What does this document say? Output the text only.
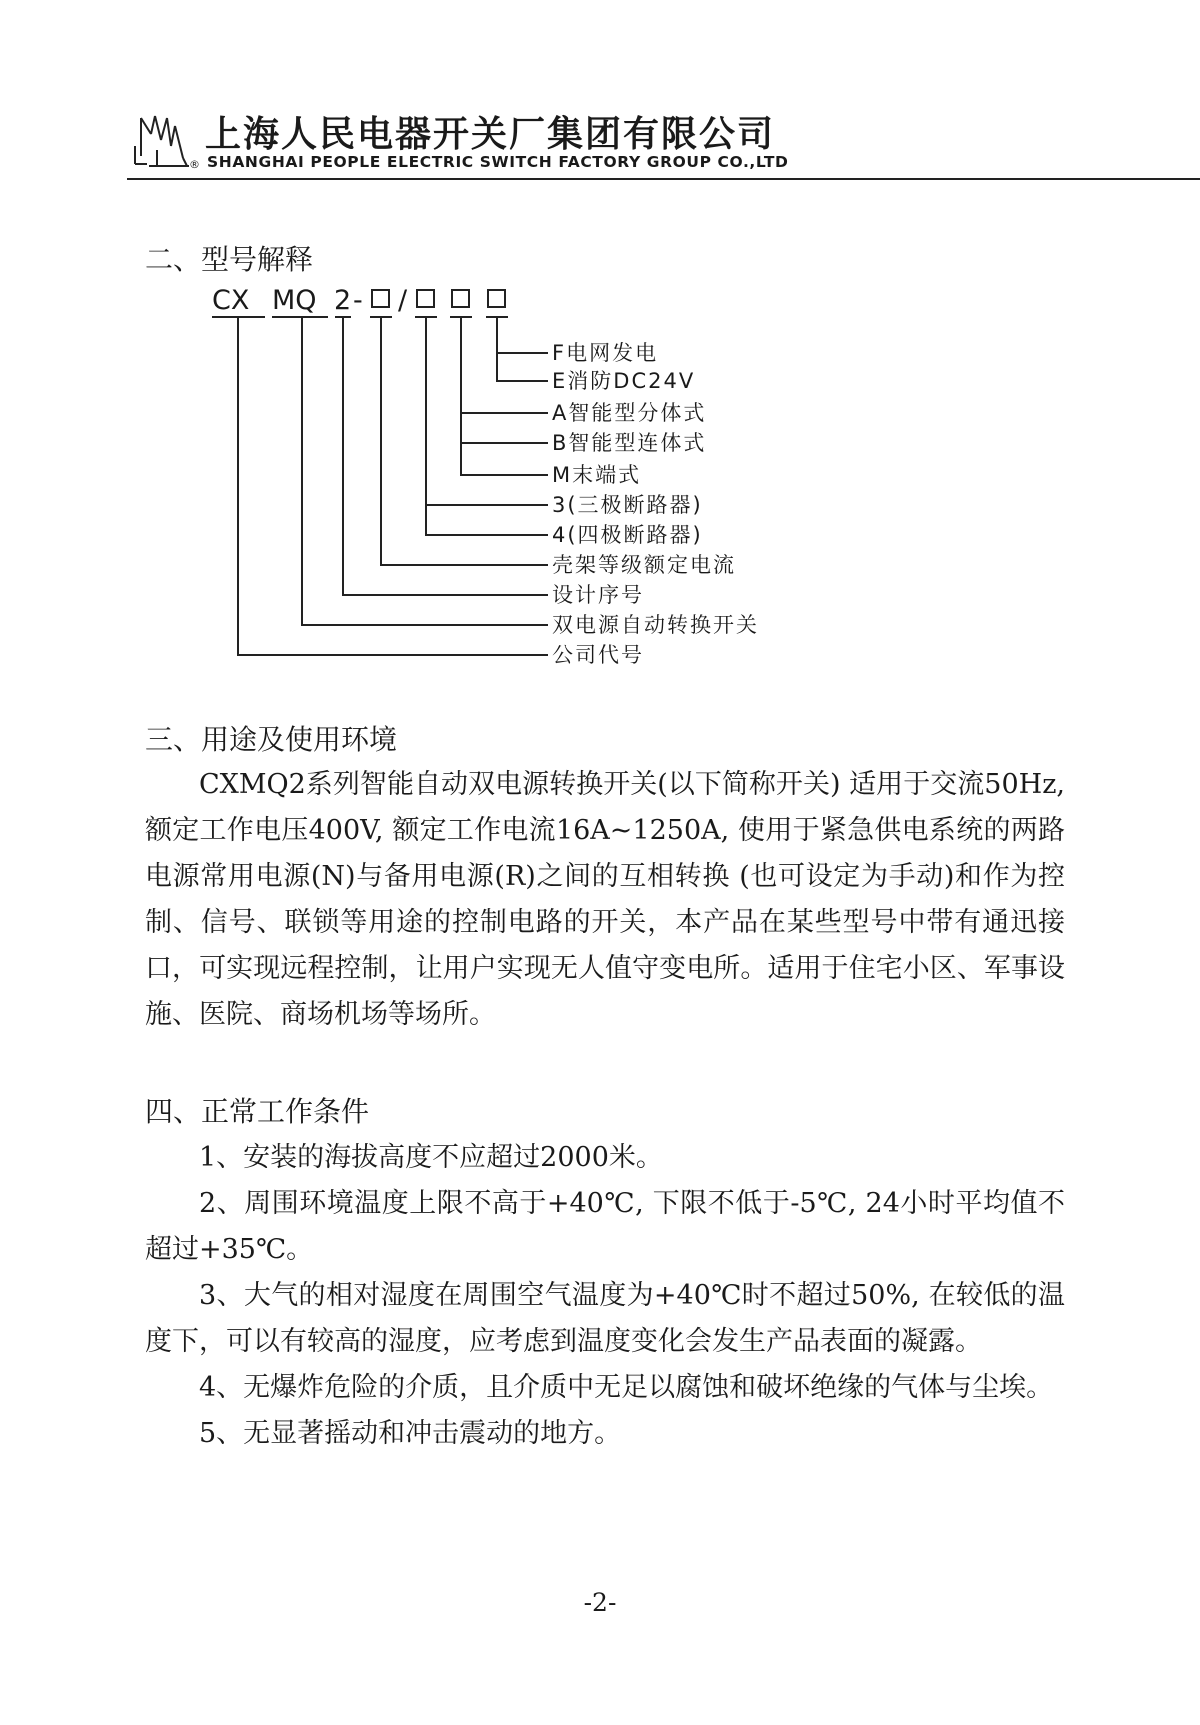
®
上海人民电器开关厂集团有限公司
SHANGHAI PEOPLE ELECTRIC SWITCH FACTORY GROUP CO.,LTD
二、型号解释
CX MQ 2 - /
F电网发电
E消防DC24V
A智能型分体式
B智能型连体式
M末端式
3(三极断路器)
4(四极断路器)
壳架等级额定电流
设计序号
双电源自动转换开关
公司代号
三、用途及使用环境

CXMQ2系列智能自动双电源转换开关(以下简称开关) 适用于交流50Hz, 额定工作电压400V, 额定工作电流16A~1250A, 使用于紧急供电系统的两路电源常用电源(N)与备用电源(R)之间的互相转换 (也可设定为手动)和作为控制、信号、联锁等用途的控制电路的开关，本产品在某些型号中带有通迅接口，可实现远程控制，让用户实现无人值守变电所。适用于住宅小区、军事设施、医院、商场机场等场所。

四、正常工作条件

1、安装的海拔高度不应超过2000米。

2、周围环境温度上限不高于+40℃, 下限不低于-5℃, 24小时平均值不超过+35℃。

3、大气的相对湿度在周围空气温度为+40℃时不超过50%, 在较低的温度下，可以有较高的湿度，应考虑到温度变化会发生产品表面的凝露。

4、无爆炸危险的介质，且介质中无足以腐蚀和破坏绝缘的气体与尘埃。

5、无显著摇动和冲击震动的地方。

-2-
